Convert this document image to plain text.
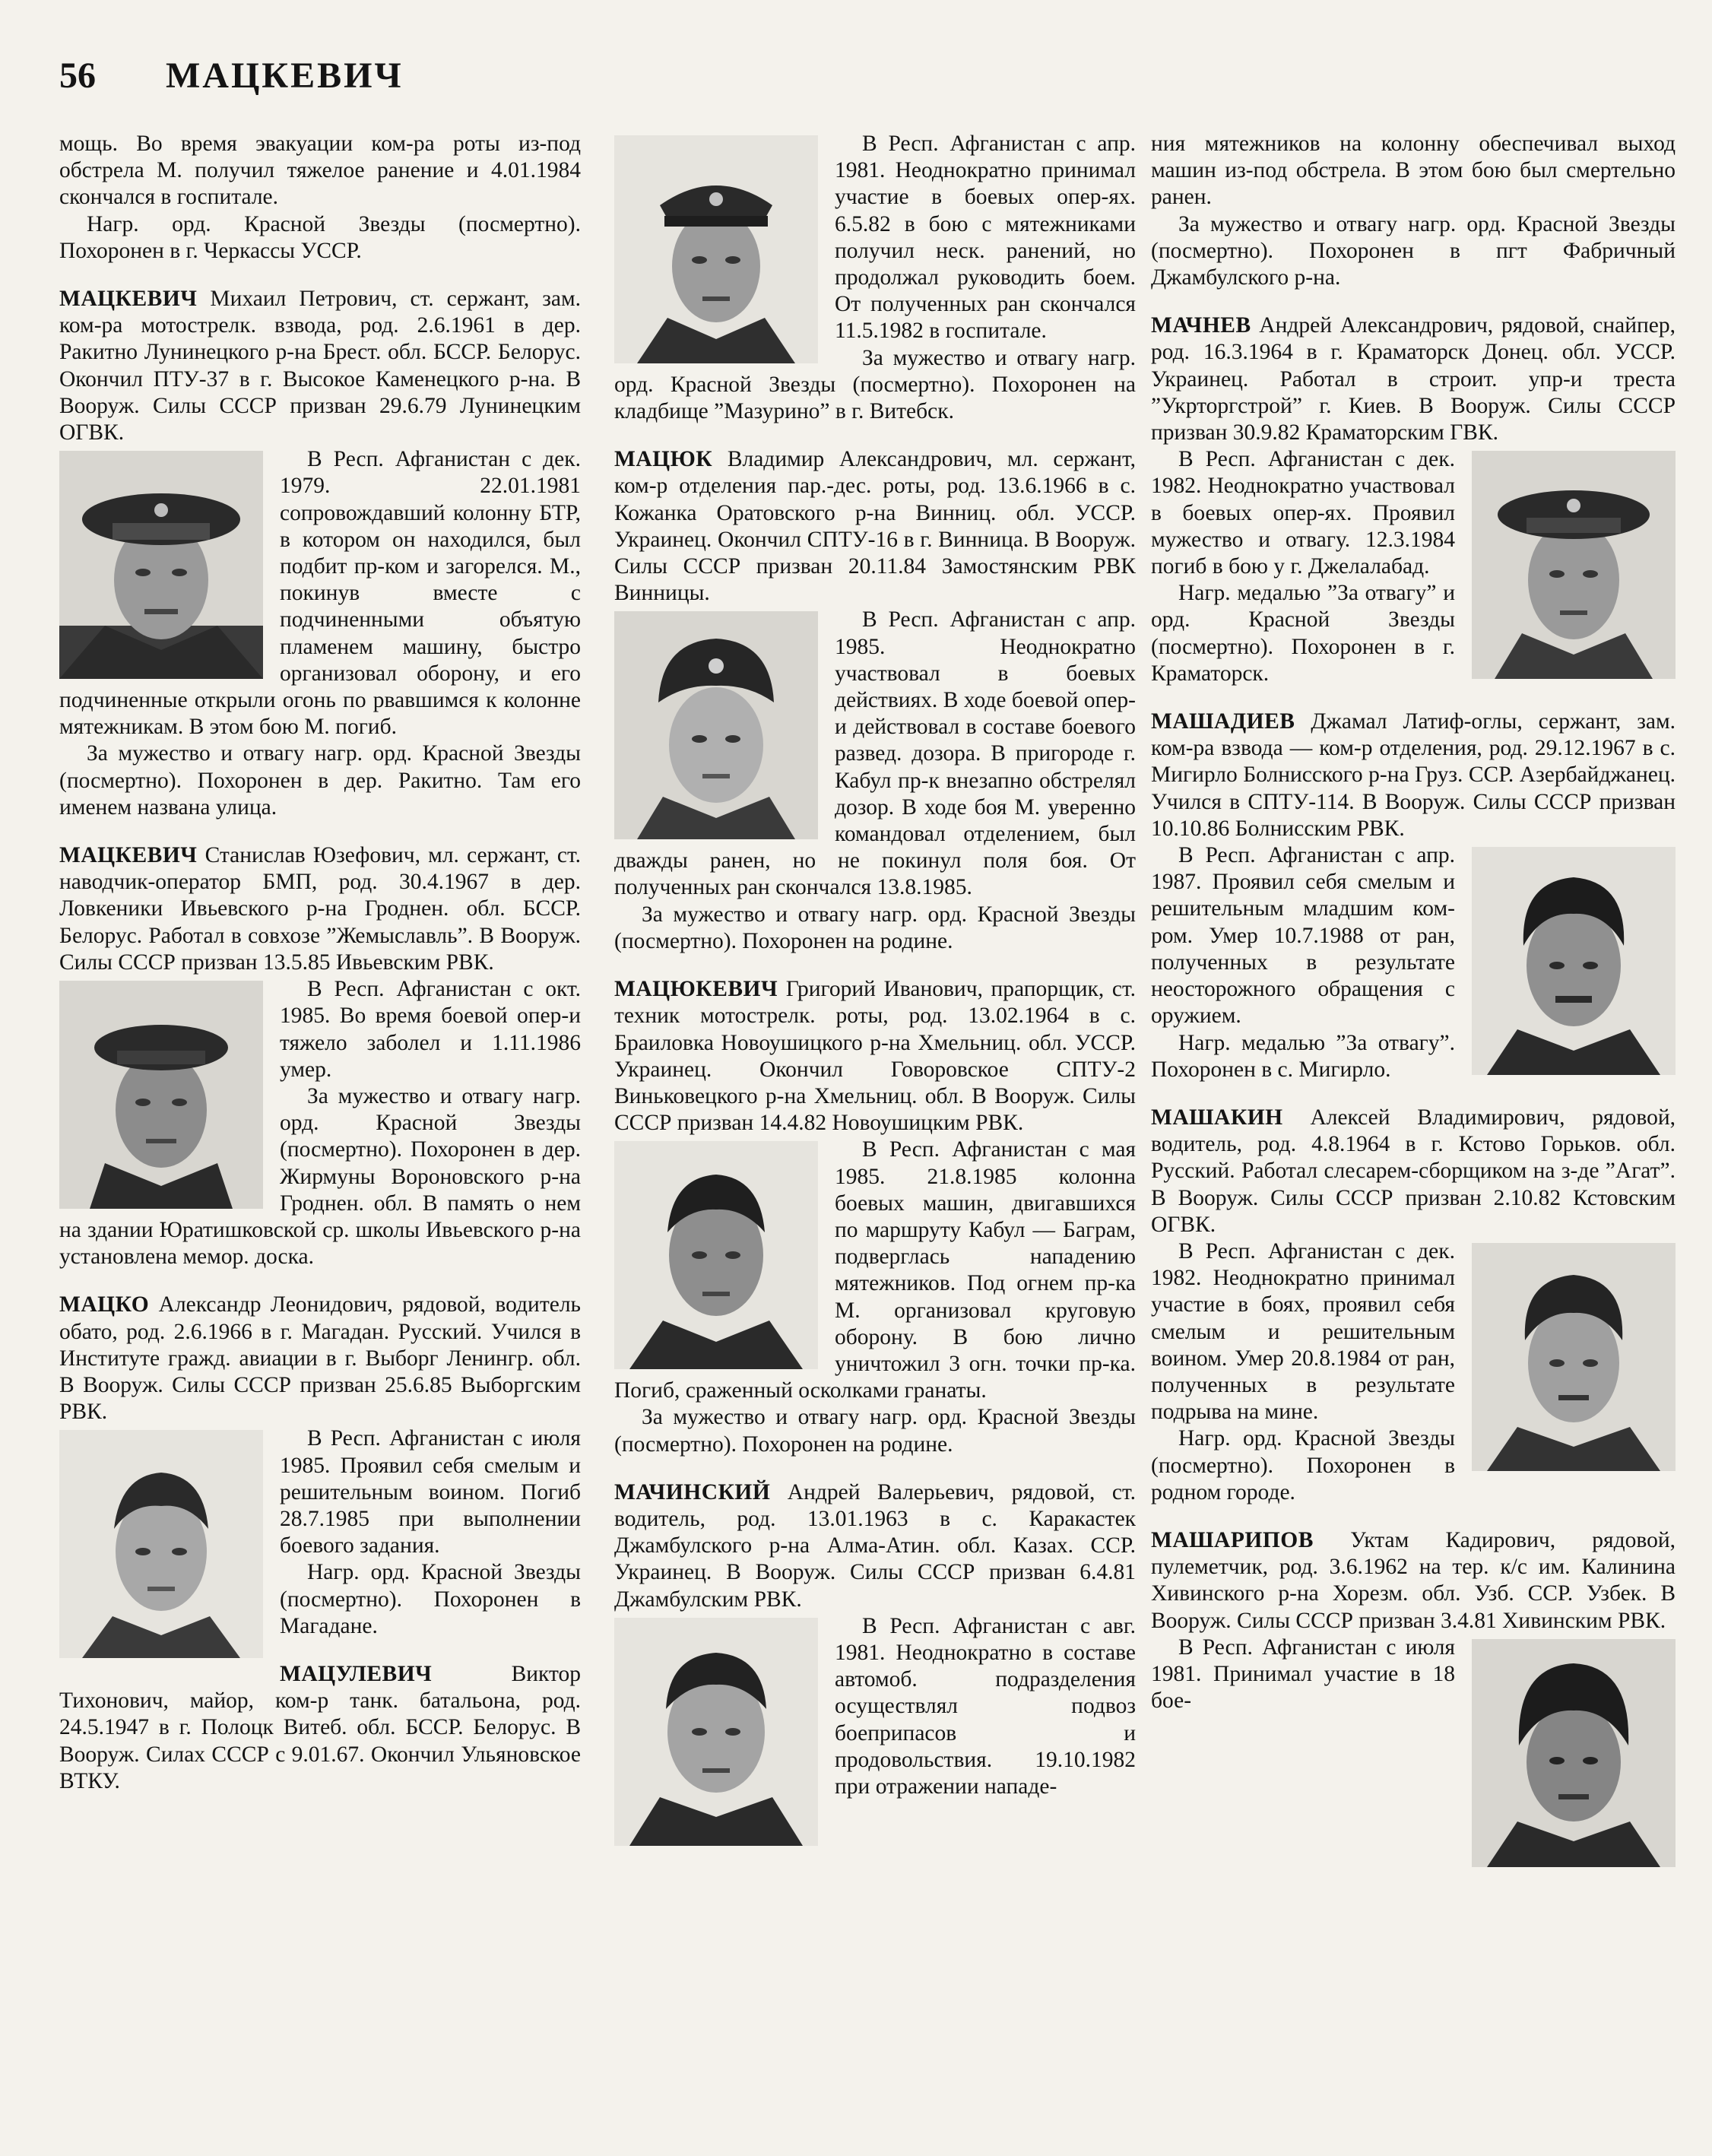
56 МАЦКЕВИЧ

мощь. Во время эвакуации ком-ра роты из-под обстрела М. получил тяжелое ранение и 4.01.1984 скончался в госпитале.

Нагр. орд. Красной Звезды (посмертно). Похоронен в г. Черкассы УССР.

МАЦКЕВИЧ Михаил Петрович, ст. сержант, зам. ком-ра мотострелк. взвода, род. 2.6.1961 в дер. Ракитно Лунинецкого р-на Брест. обл. БССР. Белорус. Окончил ПТУ-37 в г. Высокое Каменецкого р-на. В Вооруж. Силы СССР призван 29.6.79 Лунинецким ОГВК.

В Респ. Афганистан с дек. 1979. 22.01.1981 сопровождавший колонну БТР, в котором он находился, был подбит пр-ком и загорелся. М., покинув вместе с подчиненными объятую пламенем машину, быстро организовал оборону, и его подчиненные открыли огонь по рвавшимся к колонне мятежникам. В этом бою М. погиб.

За мужество и отвагу нагр. орд. Красной Звезды (посмертно). Похоронен в дер. Ракитно. Там его именем названа улица.

МАЦКЕВИЧ Станислав Юзефович, мл. сержант, ст. наводчик-оператор БМП, род. 30.4.1967 в дер. Ловкеники Ивьевского р-на Гроднен. обл. БССР. Белорус. Работал в совхозе ”Жемыславль”. В Вооруж. Силы СССР призван 13.5.85 Ивьевским РВК.

В Респ. Афганистан с окт. 1985. Во время боевой опер-и тяжело заболел и 1.11.1986 умер.

За мужество и отвагу нагр. орд. Красной Звезды (посмертно). Похоронен в дер. Жирмуны Вороновского р-на Гроднен. обл. В память о нем на здании Юратишковской ср. школы Ивьевского р-на установлена мемор. доска.

МАЦКО Александр Леонидович, рядовой, водитель обато, род. 2.6.1966 в г. Магадан. Русский. Учился в Институте гражд. авиации в г. Выборг Ленингр. обл. В Вооруж. Силы СССР призван 25.6.85 Выборгским РВК.

В Респ. Афганистан с июля 1985. Проявил себя смелым и решительным воином. Погиб 28.7.1985 при выполнении боевого задания.

Нагр. орд. Красной Звезды (посмертно). Похоронен в Магадане.

МАЦУЛЕВИЧ Виктор Тихонович, майор, ком-р танк. батальона, род. 24.5.1947 в г. Полоцк Витеб. обл. БССР. Белорус. В Вооруж. Силах СССР с 9.01.67. Окончил Ульяновское ВТКУ.

В Респ. Афганистан с апр. 1981. Неоднократно принимал участие в боевых опер-ях. 6.5.82 в бою с мятежниками получил неск. ранений, но продолжал руководить боем. От полученных ран скончался 11.5.1982 в госпитале.

За мужество и отвагу нагр. орд. Красной Звезды (посмертно). Похоронен на кладбище ”Мазурино” в г. Витебск.

МАЦЮК Владимир Александрович, мл. сержант, ком-р отделения пар.-дес. роты, род. 13.6.1966 в с. Кожанка Оратовского р-на Винниц. обл. УССР. Украинец. Окончил СПТУ-16 в г. Винница. В Вооруж. Силы СССР призван 20.11.84 Замостянским РВК Винницы.

В Респ. Афганистан с апр. 1985. Неоднократно участвовал в боевых действиях. В ходе боевой опер-и действовал в составе боевого развед. дозора. В пригороде г. Кабул пр-к внезапно обстрелял дозор. В ходе боя М. уверенно командовал отделением, был дважды ранен, но не покинул поля боя. От полученных ран скончался 13.8.1985.

За мужество и отвагу нагр. орд. Красной Звезды (посмертно). Похоронен на родине.

МАЦЮКЕВИЧ Григорий Иванович, прапорщик, ст. техник мотострелк. роты, род. 13.02.1964 в с. Браиловка Новоушицкого р-на Хмельниц. обл. УССР. Украинец. Окончил Говоровское СПТУ-2 Виньковецкого р-на Хмельниц. обл. В Вооруж. Силы СССР призван 14.4.82 Новоушицким РВК.

В Респ. Афганистан с мая 1985. 21.8.1985 колонна боевых машин, двигавшихся по маршруту Кабул — Баграм, подверглась нападению мятежников. Под огнем пр-ка М. организовал круговую оборону. В бою лично уничтожил 3 огн. точки пр-ка. Погиб, сраженный осколками гранаты.

За мужество и отвагу нагр. орд. Красной Звезды (посмертно). Похоронен на родине.

МАЧИНСКИЙ Андрей Валерьевич, рядовой, ст. водитель, род. 13.01.1963 в с. Каракастек Джамбулского р-на Алма-Атин. обл. Казах. ССР. Украинец. В Вооруж. Силы СССР призван 6.4.81 Джамбулским РВК.

В Респ. Афганистан с авг. 1981. Неоднократно в составе автомоб. подразделения осуществлял подвоз боеприпасов и продовольствия. 19.10.1982 при отражении нападе-

ния мятежников на колонну обеспечивал выход машин из-под обстрела. В этом бою был смертельно ранен.

За мужество и отвагу нагр. орд. Красной Звезды (посмертно). Похоронен в пгт Фабричный Джамбулского р-на.

МАЧНЕВ Андрей Александрович, рядовой, снайпер, род. 16.3.1964 в г. Краматорск Донец. обл. УССР. Украинец. Работал в строит. упр-и треста ”Укрторгстрой” г. Киев. В Вооруж. Силы СССР призван 30.9.82 Краматорским ГВК.

В Респ. Афганистан с дек. 1982. Неоднократно участвовал в боевых опер-ях. Проявил мужество и отвагу. 12.3.1984 погиб в бою у г. Джелалабад.

Нагр. медалью ”За отвагу” и орд. Красной Звезды (посмертно). Похоронен в г. Краматорск.

МАШАДИЕВ Джамал Латиф-оглы, сержант, зам. ком-ра взвода — ком-р отделения, род. 29.12.1967 в с. Мигирло Болнисского р-на Груз. ССР. Азербайджанец. Учился в СПТУ-114. В Вооруж. Силы СССР призван 10.10.86 Болнисским РВК.

В Респ. Афганистан с апр. 1987. Проявил себя смелым и решительным младшим ком-ром. Умер 10.7.1988 от ран, полученных в результате неосторожного обращения с оружием.

Нагр. медалью ”За отвагу”. Похоронен в с. Мигирло.

МАШАКИН Алексей Владимирович, рядовой, водитель, род. 4.8.1964 в г. Кстово Горьков. обл. Русский. Работал слесарем-сборщиком на з-де ”Агат”. В Вооруж. Силы СССР призван 2.10.82 Кстовским ОГВК.

В Респ. Афганистан с дек. 1982. Неоднократно принимал участие в боях, проявил себя смелым и решительным воином. Умер 20.8.1984 от ран, полученных в результате подрыва на мине.

Нагр. орд. Красной Звезды (посмертно). Похоронен в родном городе.

МАШАРИПОВ Уктам Кадирович, рядовой, пулеметчик, род. 3.6.1962 на тер. к/с им. Калинина Хивинского р-на Хорезм. обл. Узб. ССР. Узбек. В Вооруж. Силы СССР призван 3.4.81 Хивинским РВК.

В Респ. Афганистан с июля 1981. Принимал участие в 18 бое-
